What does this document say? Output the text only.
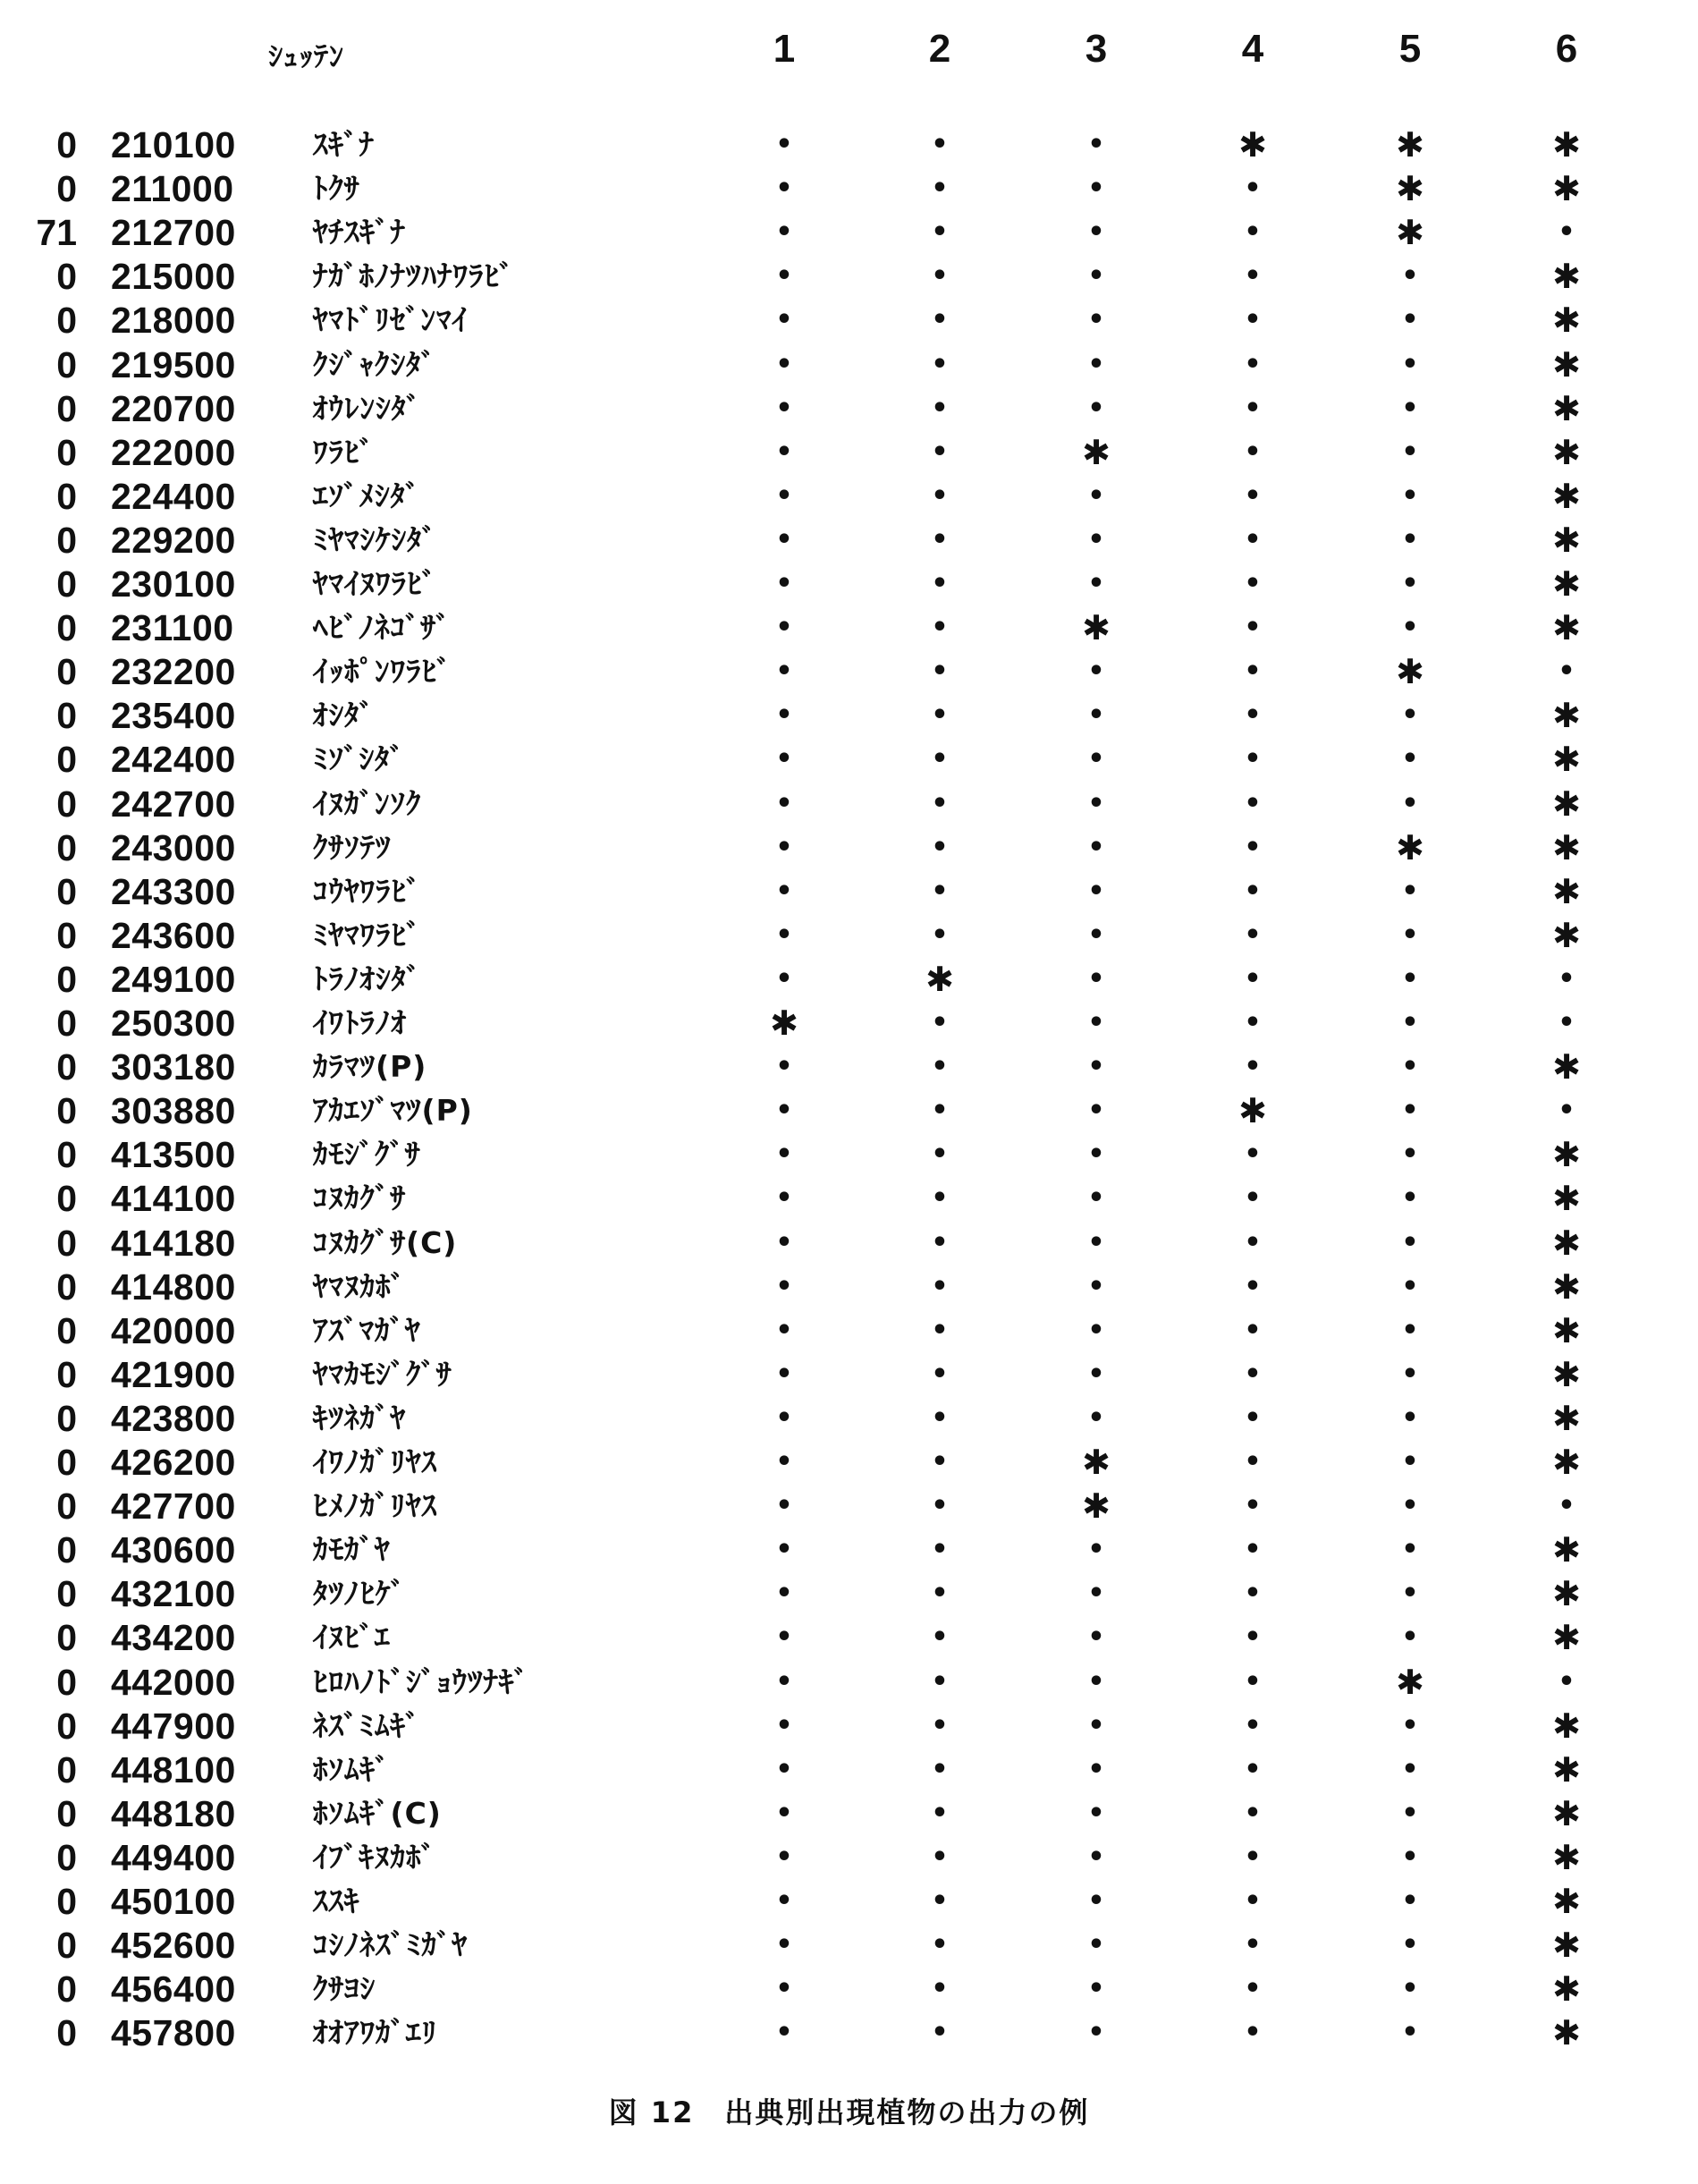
ｼｭｯﾃﾝ	1	2	3	4	5	6
0 210100	ｽｷﾞﾅ	•	•	•	✱	✱	✱
0 211000	ﾄｸｻ	•	•	•	•	✱	✱
71 212700	ﾔﾁｽｷﾞﾅ	•	•	•	•	✱	•
0 215000	ﾅｶﾞﾎﾉﾅﾂﾊﾅﾜﾗﾋﾞ	•	•	•	•	•	✱
0 218000	ﾔﾏﾄﾞﾘｾﾞﾝﾏｲ	•	•	•	•	•	✱
0 219500	ｸｼﾞｬｸｼﾀﾞ	•	•	•	•	•	✱
0 220700	ｵｳﾚﾝｼﾀﾞ	•	•	•	•	•	✱
0 222000	ﾜﾗﾋﾞ	•	•	✱	•	•	✱
0 224400	ｴｿﾞﾒｼﾀﾞ	•	•	•	•	•	✱
0 229200	ﾐﾔﾏｼｹｼﾀﾞ	•	•	•	•	•	✱
0 230100	ﾔﾏｲﾇﾜﾗﾋﾞ	•	•	•	•	•	✱
0 231100	ﾍﾋﾞﾉﾈｺﾞｻﾞ	•	•	✱	•	•	✱
0 232200	ｲｯﾎﾟﾝﾜﾗﾋﾞ	•	•	•	•	✱	•
0 235400	ｵｼﾀﾞ	•	•	•	•	•	✱
0 242400	ﾐｿﾞｼﾀﾞ	•	•	•	•	•	✱
0 242700	ｲﾇｶﾞﾝｿｸ	•	•	•	•	•	✱
0 243000	ｸｻｿﾃﾂ	•	•	•	•	✱	✱
0 243300	ｺｳﾔﾜﾗﾋﾞ	•	•	•	•	•	✱
0 243600	ﾐﾔﾏﾜﾗﾋﾞ	•	•	•	•	•	✱
0 249100	ﾄﾗﾉｵｼﾀﾞ	•	✱	•	•	•	•
0 250300	ｲﾜﾄﾗﾉｵ	✱	•	•	•	•	•
0 303180	ｶﾗﾏﾂ(P)	•	•	•	•	•	✱
0 303880	ｱｶｴｿﾞﾏﾂ(P)	•	•	•	✱	•	•
0 413500	ｶﾓｼﾞｸﾞｻ	•	•	•	•	•	✱
0 414100	ｺﾇｶｸﾞｻ	•	•	•	•	•	✱
0 414180	ｺﾇｶｸﾞｻ(C)	•	•	•	•	•	✱
0 414800	ﾔﾏﾇｶﾎﾞ	•	•	•	•	•	✱
0 420000	ｱｽﾞﾏｶﾞﾔ	•	•	•	•	•	✱
0 421900	ﾔﾏｶﾓｼﾞｸﾞｻ	•	•	•	•	•	✱
0 423800	ｷﾂﾈｶﾞﾔ	•	•	•	•	•	✱
0 426200	ｲﾜﾉｶﾞﾘﾔｽ	•	•	✱	•	•	✱
0 427700	ﾋﾒﾉｶﾞﾘﾔｽ	•	•	✱	•	•	•
0 430600	ｶﾓｶﾞﾔ	•	•	•	•	•	✱
0 432100	ﾀﾂﾉﾋｹﾞ	•	•	•	•	•	✱
0 434200	ｲﾇﾋﾞｴ	•	•	•	•	•	✱
0 442000	ﾋﾛﾊﾉﾄﾞｼﾞｮｳﾂﾅｷﾞ	•	•	•	•	✱	•
0 447900	ﾈｽﾞﾐﾑｷﾞ	•	•	•	•	•	✱
0 448100	ﾎｿﾑｷﾞ	•	•	•	•	•	✱
0 448180	ﾎｿﾑｷﾞ(C)	•	•	•	•	•	✱
0 449400	ｲﾌﾞｷﾇｶﾎﾞ	•	•	•	•	•	✱
0 450100	ｽｽｷ	•	•	•	•	•	✱
0 452600	ｺｼﾉﾈｽﾞﾐｶﾞﾔ	•	•	•	•	•	✱
0 456400	ｸｻﾖｼ	•	•	•	•	•	✱
0 457800	ｵｵｱﾜｶﾞｴﾘ	•	•	•	•	•	✱
図 12　出典別出現植物の出力の例
